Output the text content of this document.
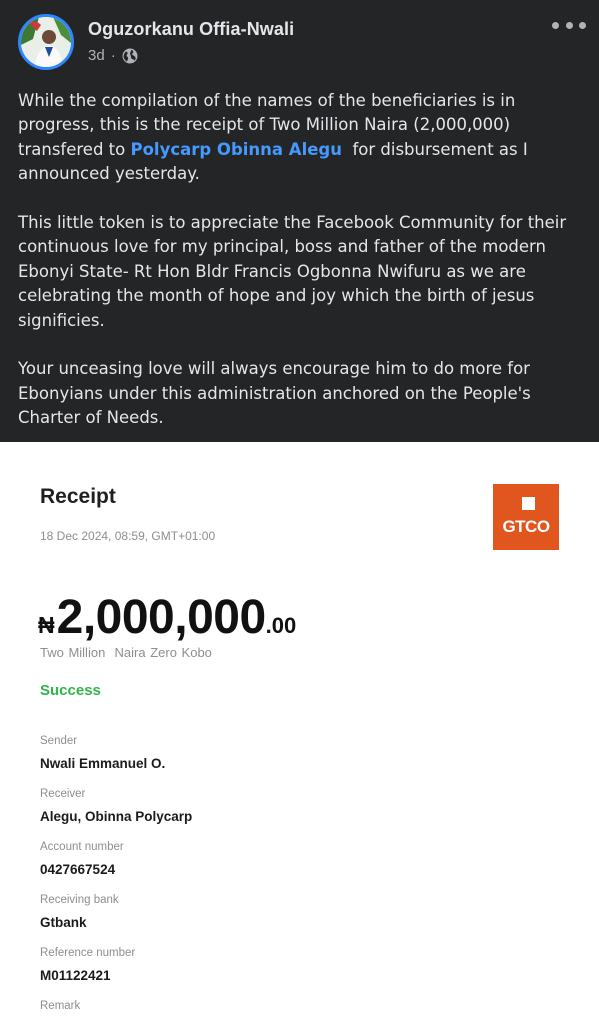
Oguzorkanu Offia-Nwali
3d ·

While the compilation of the names of the beneficiaries is in progress, this is the receipt of Two Million Naira (2,000,000) transfered to Polycarp Obinna Alegu  for disbursement as I announced yesterday.

This little token is to appreciate the Facebook Community for their continuous love for my principal, boss and father of the modern Ebonyi State- Rt Hon Bldr Francis Ogbonna Nwifuru as we are celebrating the month of hope and joy which the birth of jesus significies.

Your unceasing love will always encourage him to do more for Ebonyians under this administration anchored on the People's Charter of Needs.

Receipt
18 Dec 2024, 08:59, GMT+01:00	GTCO
₦ 2,000,000 .00
Two Million  Naira Zero Kobo
Success
Sender
Nwali Emmanuel O.
Receiver
Alegu, Obinna Polycarp
Account number
0427667524
Receiving bank
Gtbank
Reference number
M01122421
Remark
